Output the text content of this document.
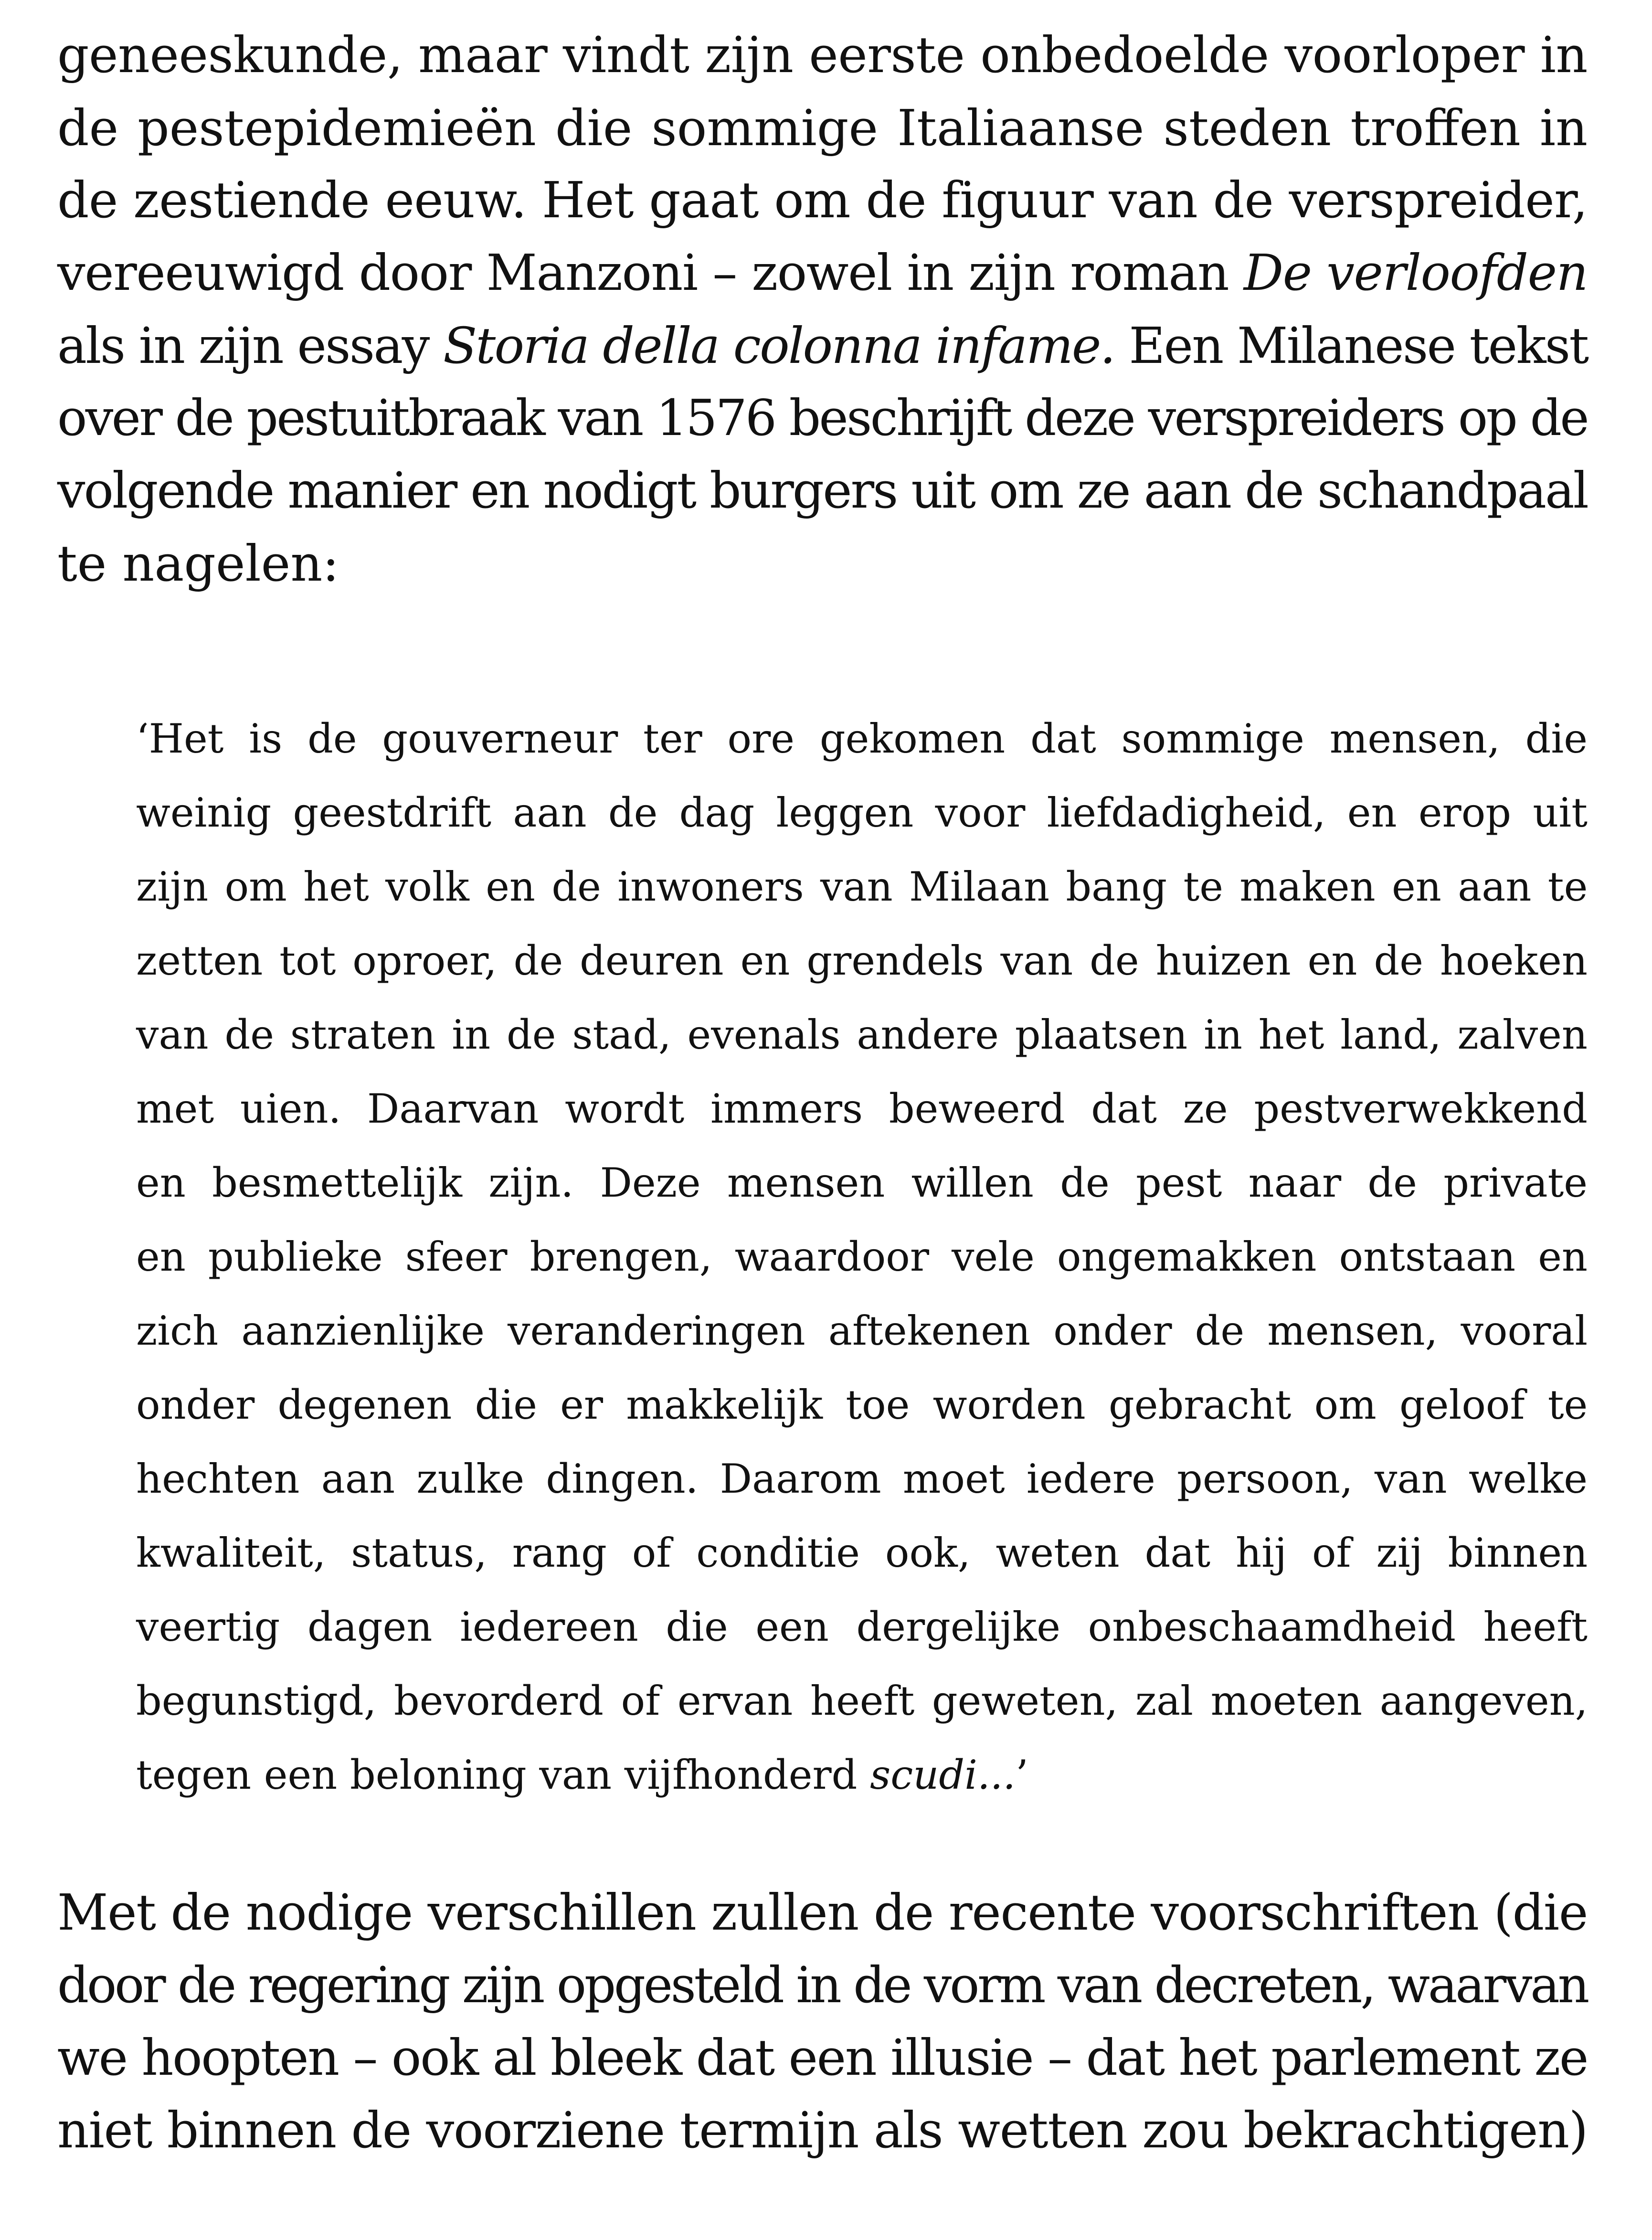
geneeskunde, maar vindt zijn eerste onbedoelde voorloper in
de pestepidemieën die sommige Italiaanse steden troffen in
de zestiende eeuw. Het gaat om de figuur van de verspreider,
vereeuwigd door Manzoni – zowel in zijn roman De verloofden
als in zijn essay Storia della colonna infame. Een Milanese tekst
over de pestuitbraak van 1576 beschrijft deze verspreiders op de
volgende manier en nodigt burgers uit om ze aan de schandpaal
te nagelen:
‘Het is de gouverneur ter ore gekomen dat sommige mensen, die
weinig geestdrift aan de dag leggen voor liefdadigheid, en erop uit
zijn om het volk en de inwoners van Milaan bang te maken en aan te
zetten tot oproer, de deuren en grendels van de huizen en de hoeken
van de straten in de stad, evenals andere plaatsen in het land, zalven
met uien. Daarvan wordt immers beweerd dat ze pestverwekkend
en besmettelijk zijn. Deze mensen willen de pest naar de private
en publieke sfeer brengen, waardoor vele ongemakken ontstaan en
zich aanzienlijke veranderingen aftekenen onder de mensen, vooral
onder degenen die er makkelijk toe worden gebracht om geloof te
hechten aan zulke dingen. Daarom moet iedere persoon, van welke
kwaliteit, status, rang of conditie ook, weten dat hij of zij binnen
veertig dagen iedereen die een dergelijke onbeschaamdheid heeft
begunstigd, bevorderd of ervan heeft geweten, zal moeten aangeven,
tegen een beloning van vijfhonderd scudi...’
Met de nodige verschillen zullen de recente voorschriften (die
door de regering zijn opgesteld in de vorm van decreten, waarvan
we hoopten – ook al bleek dat een illusie – dat het parlement ze
niet binnen de voorziene termijn als wetten zou bekrachtigen)
